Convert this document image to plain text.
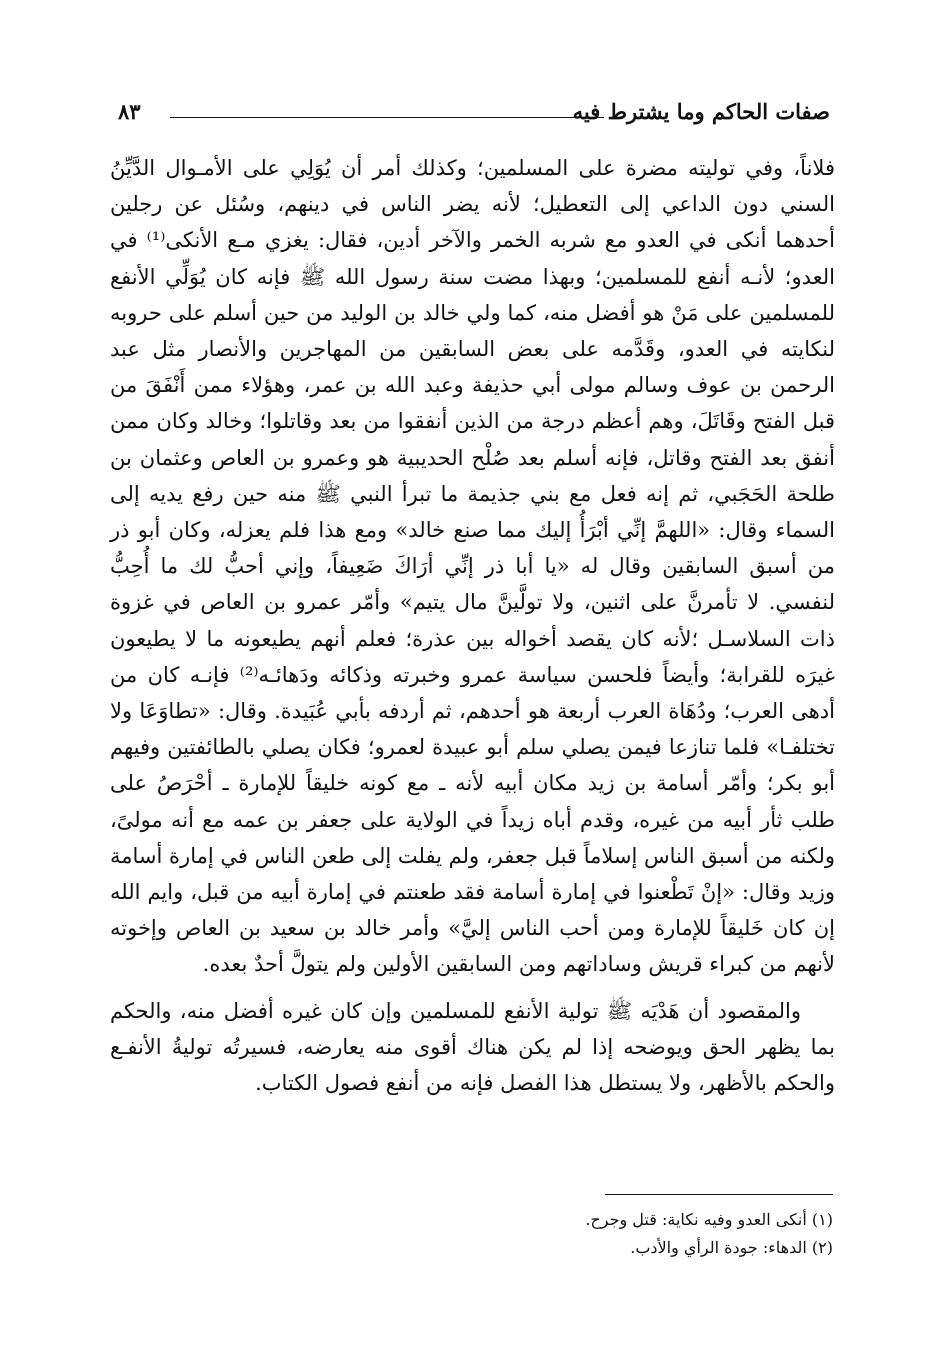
صفات الحاكم وما يشترط فيه
٨٣

فلاناً، وفي توليته مضرة على المسلمين؛ وكذلك أمر أن يُوَلِي على الأمـوال الدَّيِّنُ السني دون الداعي إلى التعطيل؛ لأنه يضر الناس في دينهم، وسُئل عن رجلين أحدهما أنكى في العدو مع شربه الخمر والآخر أدين، فقال: يغزي مـع الأنكى⁽¹⁾ في العدو؛ لأنـه أنفع للمسلمين؛ وبهذا مضت سنة رسول الله ﷺ فإنه كان يُوَلِّي الأنفع للمسلمين على مَنْ هو أفضل منه، كما ولي خالد بن الوليد من حين أسلم على حروبه لنكايته في العدو، وقَدَّمه على بعض السابقين من المهاجرين والأنصار مثل عبد الرحمن بن عوف وسالم مولى أبي حذيفة وعبد الله بن عمر، وهؤلاء ممن أَنْفَقَ من قبل الفتح وقَاتَلَ، وهم أعظم درجة من الذين أنفقوا من بعد وقاتلوا؛ وخالد وكان ممن أنفق بعد الفتح وقاتل، فإنه أسلم بعد صُلْح الحديبية هو وعمرو بن العاص وعثمان بن طلحة الحَجَبي، ثم إنه فعل مع بني جذيمة ما تبرأ النبي ﷺ منه حين رفع يديه إلى السماء وقال: «اللهمَّ إنِّي أبْرَأُ إليك مما صنع خالد» ومع هذا فلم يعزله، وكان أبو ذر من أسبق السابقين وقال له «يا أبا ذر إنِّي أرَاكَ ضَعِيفاً، وإني أحبُّ لك ما أُحِبُّ لنفسي. لا تأمرنَّ على اثنين، ولا تولَّينَّ مال يتيم» وأمّر عمرو بن العاص في غزوة ذات السلاسـل ؛لأنه كان يقصد أخواله بين عذرة؛ فعلم أنهم يطيعونه ما لا يطيعون غيرَه للقرابة؛ وأيضاً فلحسن سياسة عمرو وخبرته وذكائه ودَهائـه⁽²⁾ فإنـه كان من أدهى العرب؛ ودُهَاة العرب أربعة هو أحدهم، ثم أردفه بأبي عُبَيدة. وقال: «تطاوَعَا ولا تختلفـا» فلما تنازعا فيمن يصلي سلم أبو عبيدة لعمرو؛ فكان يصلي بالطائفتين وفيهم أبو بكر؛ وأمّر أسامة بن زيد مكان أبيه لأنه ـ مع كونه خليقاً للإمارة ـ أحْرَصُ على طلب ثأر أبيه من غيره، وقدم أباه زيداً في الولاية على جعفر بن عمه مع أنه مولىً، ولكنه من أسبق الناس إسلاماً قبل جعفر، ولم يفلت إلى طعن الناس في إمارة أسامة وزيد وقال: «إنْ تَطْعنوا في إمارة أسامة فقد طعنتم في إمارة أبيه من قبل، وايم الله إن كان خَليقاً للإمارة ومن أحب الناس إليَّ» وأمر خالد بن سعيد بن العاص وإخوته لأنهم من كبراء قريش وساداتهم ومن السابقين الأولين ولم يتولَّ أحدٌ بعده.

والمقصود أن هَدْيَه ﷺ تولية الأنفع للمسلمين وإن كان غيره أفضل منه، والحكم بما يظهر الحق ويوضحه إذا لم يكن هناك أقوى منه يعارضه، فسيرتُه توليةُ الأنفـع والحكم بالأظهر، ولا يستطل هذا الفصل فإنه من أنفع فصول الكتاب.

(١) أنكى العدو وفيه نكاية: قتل وجرح.
(٢) الدهاء: جودة الرأي والأدب.
